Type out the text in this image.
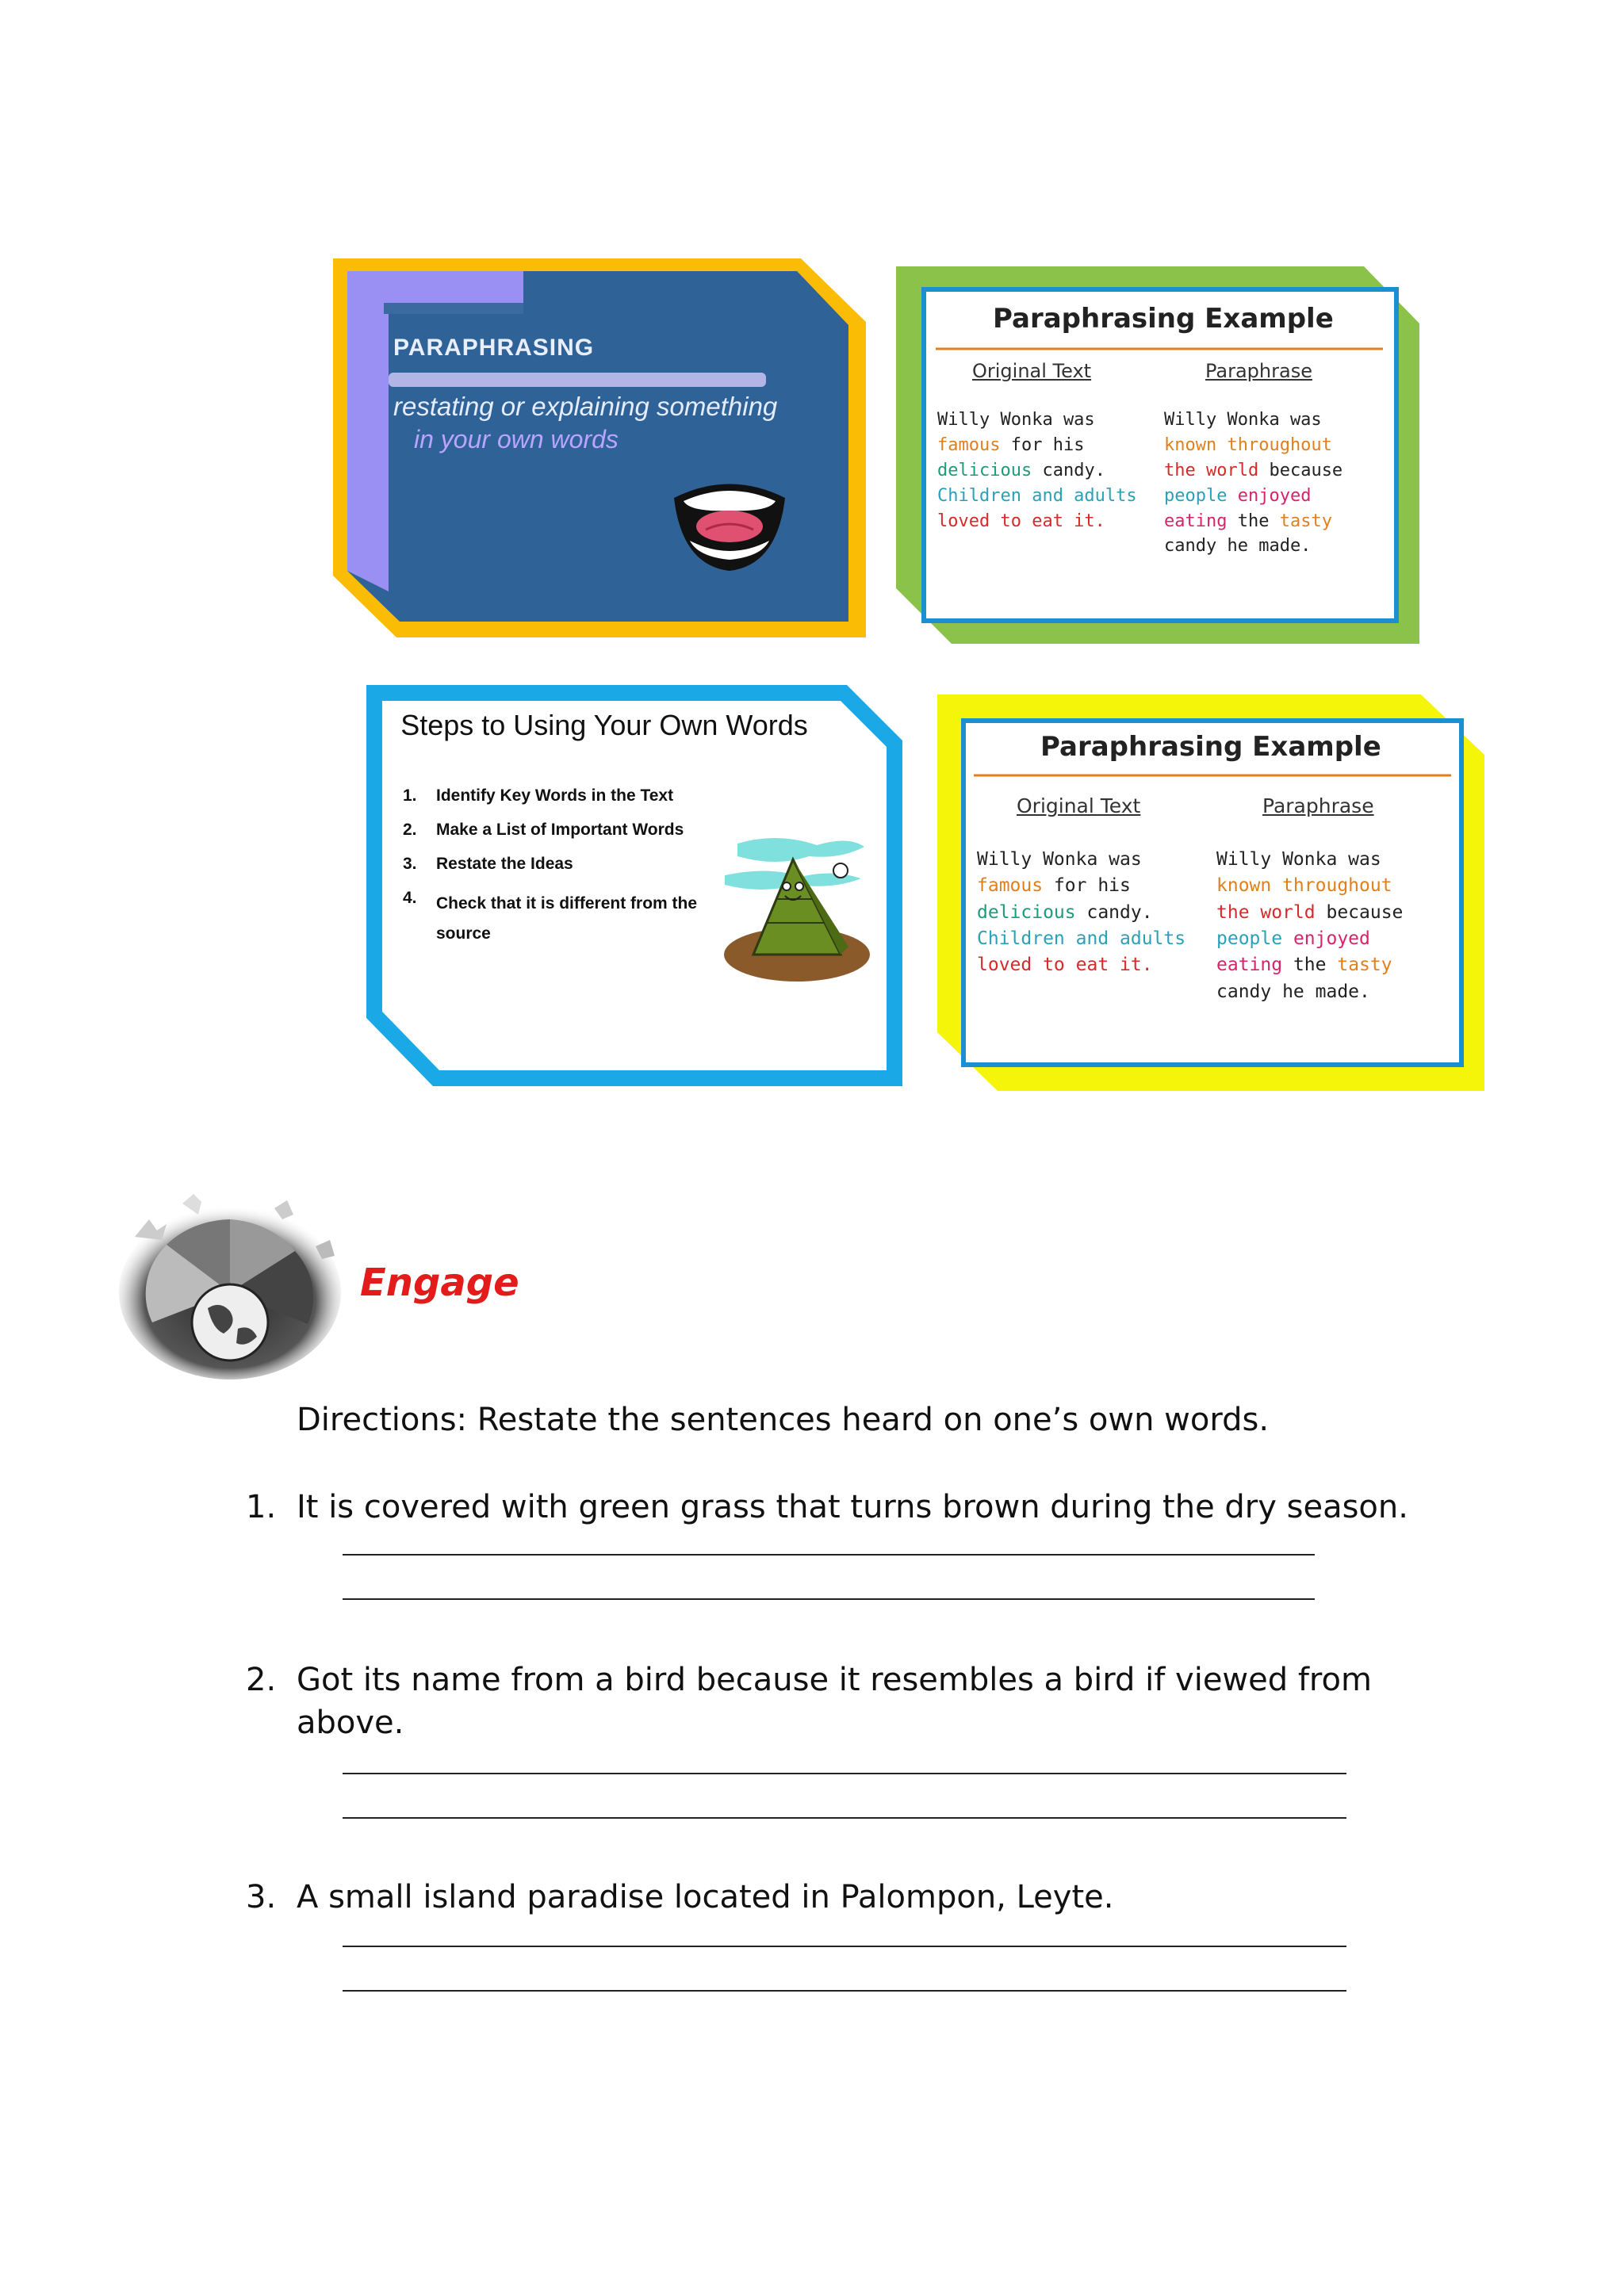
PARAPHRASING
restating or explaining something
in your own words
Paraphrasing Example
Original Text	Paraphrase
Willy Wonka was
famous for his
delicious candy.
Children and adults
loved to eat it.
Willy Wonka was
known throughout
the world because
people enjoyed
eating the tasty
candy he made.
Steps to Using Your Own Words
1.	Identify Key Words in the Text
2.	Make a List of Important Words
3.	Restate the Ideas
4.	Check that it is different from the source
Paraphrasing Example
Original Text	Paraphrase
Willy Wonka was
famous for his
delicious candy.
Children and adults
loved to eat it.
Willy Wonka was
known throughout
the world because
people enjoyed
eating the tasty
candy he made.
Engage
Directions: Restate the sentences heard on one’s own words.
1. It is covered with green grass that turns brown during the dry season.
2. Got its name from a bird because it resembles a bird if viewed from above.
3. A small island paradise located in Palompon, Leyte.
